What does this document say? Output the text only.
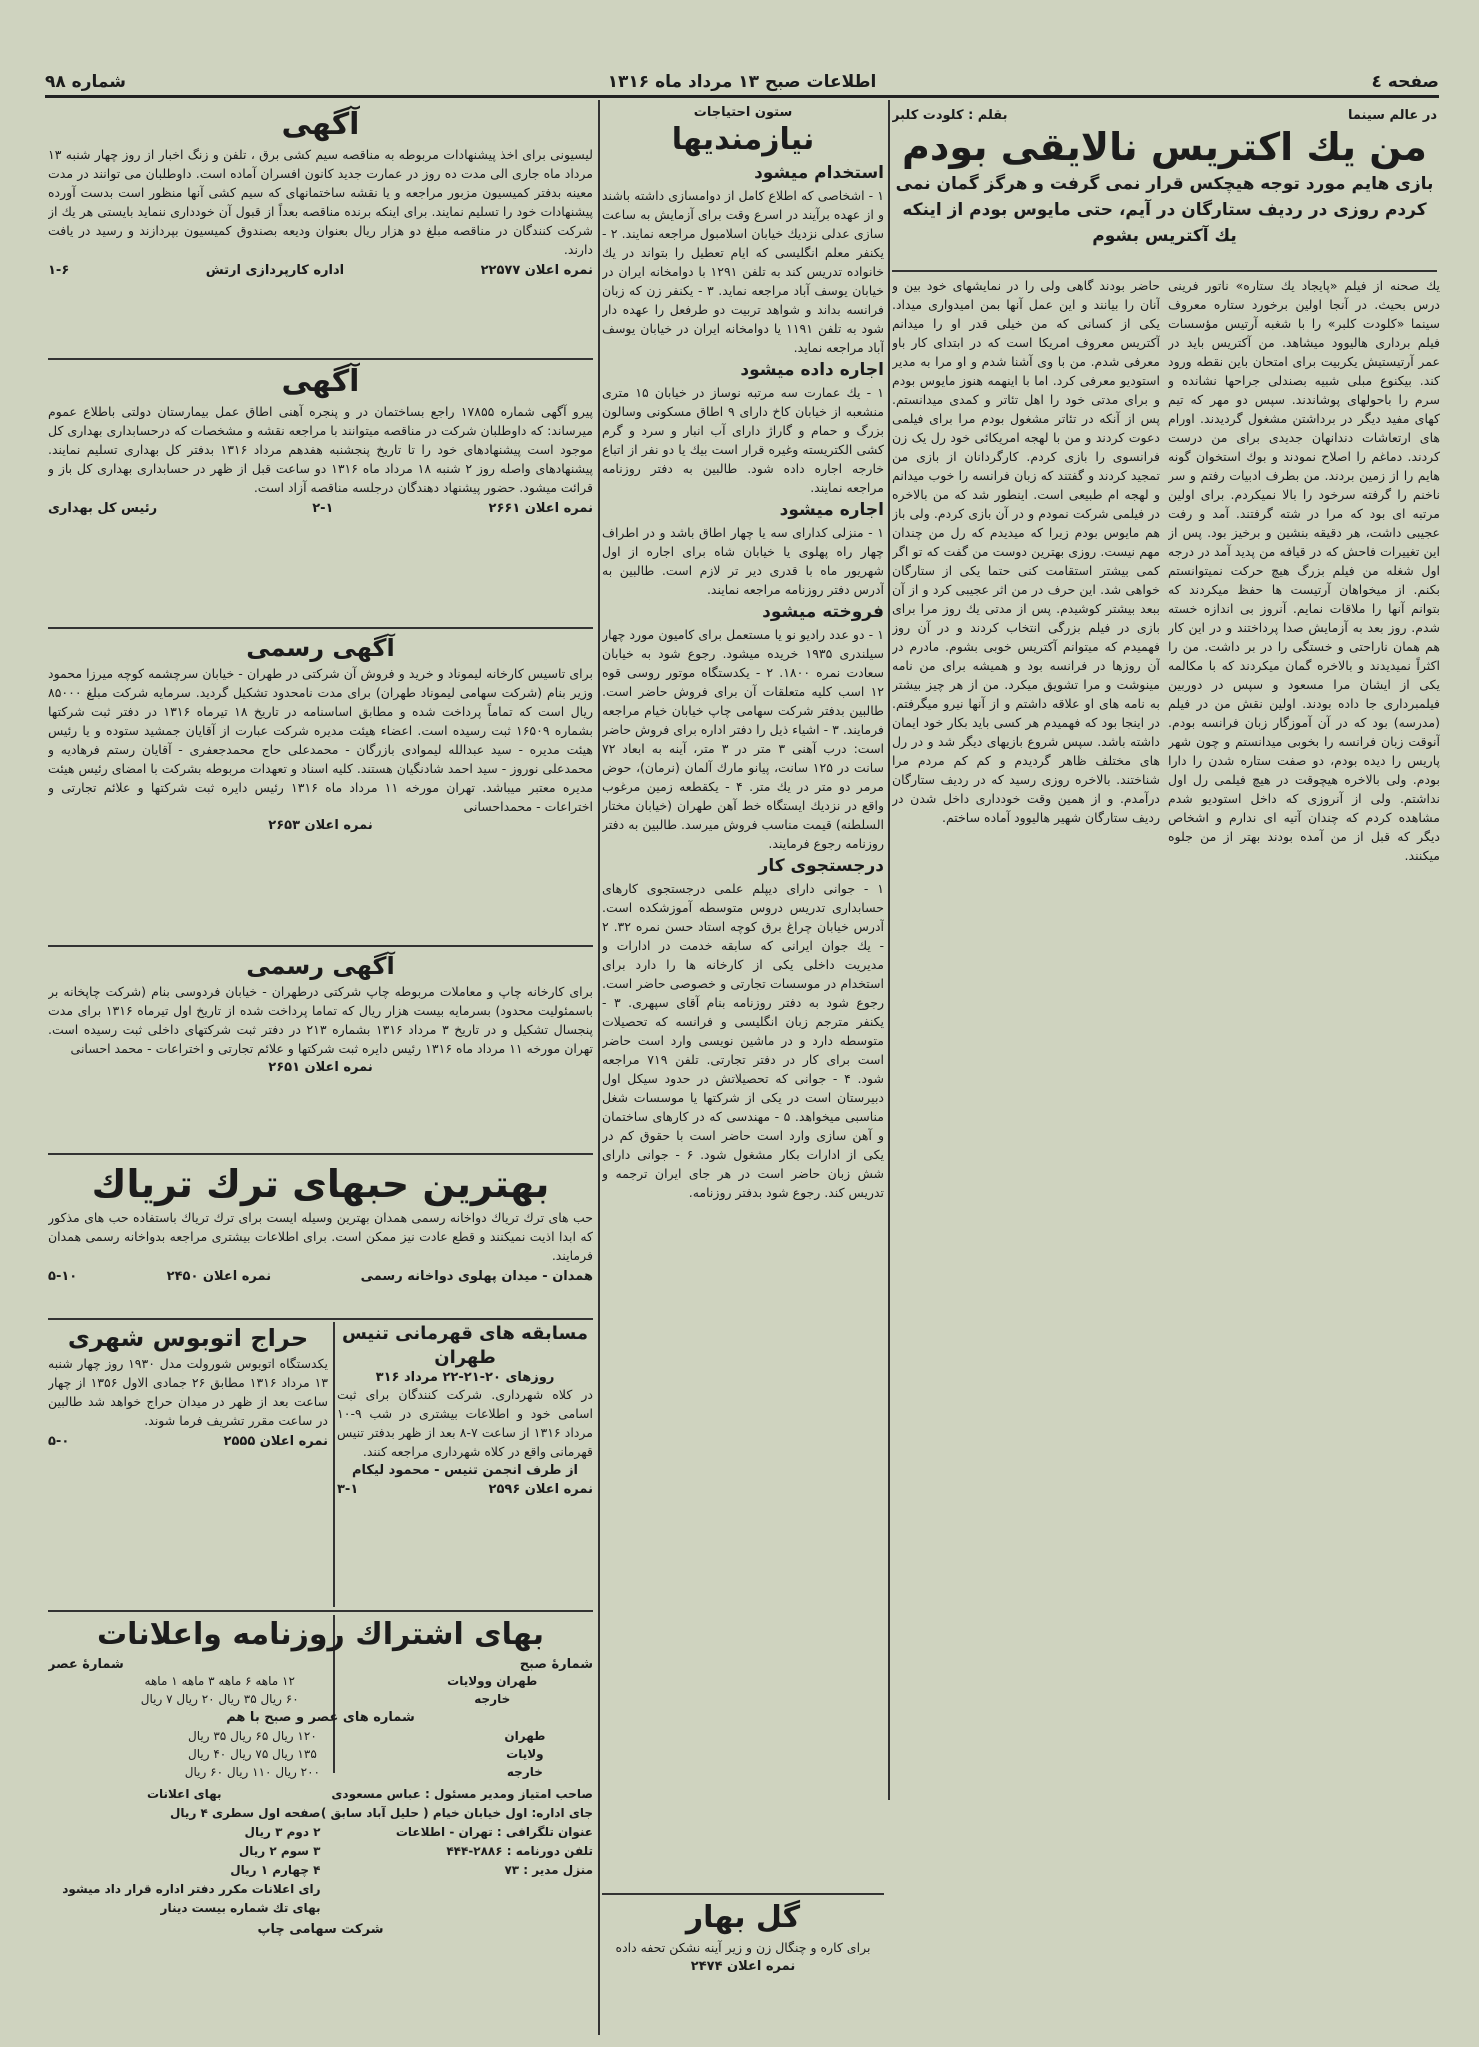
صفحه ٤
اطلاعات صبح ۱۳ مرداد ماه ۱۳۱۶
شماره ۹۸
در عالم سینما
بقلم : کلودت کلبر

من یك اکتریس نالایقی بودم

بازی هایم مورد توجه هیچکس قرار نمی گرفت و هرگز گمان نمی کردم روزی در ردیف ستارگان در آیم، حتی مایوس بودم از اینکه یك آکتریس بشوم

یك صحنه از فیلم «پایجاد یك ستاره» ناتور فرینی درس بحیث. در آنجا اولین برخورد ستاره معروف سینما «كلودت كلبر» را با شغبه آرتیس مؤسسات فیلم برداری هالیوود میشاهد. من آکتریس باید در عمر آرتیستیش یکربیت برای امتحان باین نقطه ورود کند. بیکنوع مبلی شبیه بصندلی جراحها نشانده و سرم را باحولهای پوشاندند. سپس دو مهر که تیم کهای مفید دیگر در برداشتن مشغول گردیدند. اورام های ارتعاشات دندانهان جدیدی برای من درست کردند. دماغم را اصلاح نمودند و بوك استخوان گونه هایم را از زمین بردند. من بطرف ادبیات رفتم و سر ناخنم را گرفته سرخود را بالا نمیکردم. برای اولین مرتبه ای بود که مرا در شته گرفتند. آمد و رفت عجیبی داشت، هر دقیقه بنشین و برخیز بود. پس از این تغییرات فاحش که در قیافه من پدید آمد در درجه اول شغله من فیلم بزرگ هیچ حرکت نمیتوانستم بکنم. از میخواهان آرتیست ها حفظ میکردند که بتوانم آنها را ملاقات نمایم. آنروز بی اندازه خسته شدم. روز بعد به آزمایش صدا پرداختند و در این کار هم همان ناراحتی و خستگی را در بر داشت. من را اکثراً نمیدیدند و بالاخره گمان میکردند که با مکالمه یکی از ایشان مرا مسعود و سپس در دوربین فیلمبرداری جا داده بودند. اولین نقش من در فیلم (مدرسه) بود که در آن آموزگار زبان فرانسه بودم. آنوقت زبان فرانسه را بخوبی میدانستم و چون شهر پاریس را دیده بودم، دو صفت ستاره شدن را دارا بودم. ولی بالاخره هیچوقت در هیچ فیلمی رل اول نداشتم. ولی از آنروزی که داخل استودیو شدم مشاهده کردم که چندان آتیه ای ندارم و اشخاص دیگر که قبل از من آمده بودند بهتر از من جلوه میکنند.

حاضر بودند گاهی ولی را در نمایشهای خود بین و آنان را بیانند و این عمل آنها بمن امیدواری میداد. یکی از کسانی که من خیلی قدر او را میدانم آکتریس معروف امریکا است که در ابتدای کار باو معرفی شدم. من با وی آشنا شدم و او مرا به مدیر استودیو معرفی کرد. اما با اینهمه هنوز مایوس بودم و برای مدتی خود را اهل تئاتر و کمدی میدانستم. پس از آنکه در تئاتر مشغول بودم مرا برای فیلمی دعوت کردند و من با لهجه امریکائی خود رل یک زن فرانسوی را بازی کردم. کارگردانان از بازی من تمجید کردند و گفتند که زبان فرانسه را خوب میدانم و لهجه ام طبیعی است. اینطور شد که من بالاخره در فیلمی شرکت نمودم و در آن بازی کردم. ولی باز هم مایوس بودم زیرا که میدیدم که رل من چندان مهم نیست. روزی بهترین دوست من گفت که تو اگر کمی بیشتر استقامت کنی حتما یکی از ستارگان خواهی شد. این حرف در من اثر عجیبی کرد و از آن ببعد بیشتر کوشیدم. پس از مدتی یك روز مرا برای بازی در فیلم بزرگی انتخاب کردند و در آن روز فهمیدم که میتوانم آکتریس خوبی بشوم. مادرم در آن روزها در فرانسه بود و همیشه برای من نامه مینوشت و مرا تشویق میکرد. من از هر چیز بیشتر به نامه های او علاقه داشتم و از آنها نیرو میگرفتم. در اینجا بود که فهمیدم هر کسی باید بکار خود ایمان داشته باشد. سپس شروع بازیهای دیگر شد و در رل های مختلف ظاهر گردیدم و کم کم مردم مرا شناختند. بالاخره روزی رسید که در ردیف ستارگان درآمدم. و از همین وقت خودداری داخل شدن در ردیف ستارگان شهیر هالیوود آماده ساختم.

ستون احتیاجات

نیازمندیها

استخدام میشود

۱ - اشخاصی که اطلاع کامل از دوامسازی داشته باشند و از عهده برآیند در اسرع وقت برای آزمایش به ساعت سازی عدلی نزدیك خیابان اسلامبول مراجعه نمایند. ۲ - یکنفر معلم انگلیسی که ایام تعطیل را بتواند در یك خانواده تدریس کند به تلفن ۱۲۹۱ با دوامخانه ایران در خیابان یوسف آباد مراجعه نماید. ۳ - یکنفر زن که زبان فرانسه بداند و شواهد تربیت دو طرفعل را عهده دار شود به تلفن ۱۱۹۱ یا دوامخانه ایران در خیابان یوسف آباد مراجعه نماید.

اجاره داده میشود

۱ - یك عمارت سه مرتبه نوساز در خیابان ۱۵ متری منشعبه از خیابان کاخ دارای ۹ اطاق مسکونی وسالون بزرگ و حمام و گاراژ دارای آب انبار و سرد و گرم کشی الکتریسته وغیره قرار است بیك یا دو نفر از اتباع خارجه اجاره داده شود. طالبین به دفتر روزنامه مراجعه نمایند.

اجاره میشود

۱ - منزلی کدارای سه یا چهار اطاق باشد و در اطراف چهار راه پهلوی یا خیابان شاه برای اجاره از اول شهریور ماه با قدری دیر تر لازم است. طالبین به آدرس دفتر روزنامه مراجعه نمایند.

فروخته میشود

۱ - دو عدد رادیو نو یا مستعمل برای کامیون مورد چهار سیلندری ۱۹۳۵ خریده میشود. رجوع شود به خیابان سعادت نمره ۱۸۰۰. ۲ - یکدستگاه موتور روسی قوه ۱۲ اسب کلیه متعلقات آن برای فروش حاضر است. طالبین بدفتر شرکت سهامی چاپ خیابان خیام مراجعه فرمایند. ۳ - اشیاء ذیل را دفتر اداره برای فروش حاضر است: درب آهنی ۳ متر در ۳ متر، آینه به ابعاد ۷۲ سانت در ۱۲۵ سانت، پیانو مارك آلمان (نرمان)، حوض مرمر دو متر در یك متر. ۴ - یکقطعه زمین مرغوب واقع در نزدیك ایستگاه خط آهن طهران (خیابان مختار السلطنه) قیمت مناسب فروش میرسد. طالبین به دفتر روزنامه رجوع فرمایند.

درجستجوی کار

۱ - جوانی دارای دیپلم علمی درجستجوی کارهای حسابداری تدریس دروس متوسطه آموزشکده است. آدرس خیابان چراغ برق کوچه استاد حسن نمره ۳۲. ۲ - یك جوان ایرانی که سابقه خدمت در ادارات و مدیریت داخلی یکی از کارخانه ها را دارد برای استخدام در موسسات تجارتی و خصوصی حاضر است. رجوع شود به دفتر روزنامه بنام آقای سپهری. ۳ - یکنفر مترجم زبان انگلیسی و فرانسه که تحصیلات متوسطه دارد و در ماشین نویسی وارد است حاضر است برای کار در دفتر تجارتی. تلفن ۷۱۹ مراجعه شود. ۴ - جوانی که تحصیلاتش در حدود سیکل اول دبیرستان است در یکی از شرکتها یا موسسات شغل مناسبی میخواهد. ۵ - مهندسی که در کارهای ساختمان و آهن سازی وارد است حاضر است با حقوق کم در یکی از ادارات بکار مشغول شود. ۶ - جوانی دارای شش زبان حاضر است در هر جای ایران ترجمه و تدریس کند. رجوع شود بدفتر روزنامه.

گل بهار

برای کاره و چنگال زن و زیر آینه نشکن تحفه داده

نمره اعلان ۲۴۷۴

آگهی

لیسیونی برای اخذ پیشنهادات مربوطه به مناقصه سیم کشی برق ، تلفن و زنگ اخبار از روز چهار شنبه ۱۳ مرداد ماه جاری الی مدت ده روز در عمارت جدید کانون افسران آماده است. داوطلبان می توانند در مدت معینه بدفتر کمیسیون مزبور مراجعه و یا نقشه ساختمانهای که سیم کشی آنها منظور است بدست آورده پیشنهادات خود را تسلیم نمایند. برای اینکه برنده مناقصه بعداً از قبول آن خودداری ننماید بایستی هر یك از شرکت کنندگان در مناقصه مبلغ دو هزار ریال بعنوان ودیعه بصندوق کمیسیون بپردازند و رسید در یافت دارند.

نمره اعلان ۲۲۵۷۷
اداره کارپردازی ارتش
۱-۶

آگهی

پیرو آگهی شماره ۱۷۸۵۵ راجع بساختمان در و پنجره آهنی اطاق عمل بیمارستان دولتی باطلاع عموم میرساند: که داوطلبان شرکت در مناقصه میتوانند با مراجعه نقشه و مشخصات که درحسابداری بهداری کل موجود است پیشنهادهای خود را تا تاریخ پنجشنبه هفدهم مرداد ۱۳۱۶ بدفتر کل بهداری تسلیم نمایند. پیشنهادهای واصله روز ۲ شنبه ۱۸ مرداد ماه ۱۳۱۶ دو ساعت قبل از ظهر در حسابداری بهداری کل باز و قرائت میشود. حضور پیشنهاد دهندگان درجلسه مناقصه آزاد است.

نمره اعلان ۲۶۶۱
۲-۱
رئیس کل بهداری

آگهی رسمی

برای تاسیس کارخانه لیموناد و خرید و فروش آن شرکتی در طهران - خیابان سرچشمه کوچه میرزا محمود وزیر بنام (شرکت سهامی لیموناد طهران) برای مدت نامحدود تشکیل گردید. سرمایه شرکت مبلغ ۸۵۰۰۰ ریال است که تماماً پرداخت شده و مطابق اساسنامه در تاریخ ۱۸ تیرماه ۱۳۱۶ در دفتر ثبت شرکتها بشماره ۱۶۵۰۹ ثبت رسیده است. اعضاء هیئت مدیره شرکت عبارت از آقایان جمشید ستوده و یا رئیس هیئت مدیره - سید عبدالله لیموادی بازرگان - محمدعلی حاج محمدجعفری - آقایان رستم فرهادیه و محمدعلی نوروز - سید احمد شادنگیان هستند. کلیه اسناد و تعهدات مربوطه بشرکت با امضای رئیس هیئت مدیره معتبر میباشد. تهران مورخه ۱۱ مرداد ماه ۱۳۱۶ رئیس دایره ثبت شرکتها و علائم تجارتی و اختراعات - محمداحسانی

نمره اعلان ۲۶۵۳

آگهی رسمی

برای کارخانه چاپ و معاملات مربوطه چاپ شرکتی درطهران - خیابان فردوسی بنام (شرکت چاپخانه بر باسمئولیت محدود) بسرمایه بیست هزار ریال که تماما پرداخت شده از تاریخ اول تیرماه ۱۳۱۶ برای مدت پنجسال تشکیل و در تاریخ ۳ مرداد ۱۳۱۶ بشماره ۲۱۳ در دفتر ثبت شرکتهای داخلی ثبت رسیده است. تهران مورخه ۱۱ مرداد ماه ۱۳۱۶ رئیس دایره ثبت شرکتها و علائم تجارتی و اختراعات - محمد احسانی

نمره اعلان ۲۶۵۱

بهترین حبهای ترك تریاك

حب های ترك تریاك دواخانه رسمی همدان بهترین وسیله ایست برای ترك تریاك باستفاده حب های مذکور که ابدا اذیت نمیکنند و قطع عادت نیز ممکن است. برای اطلاعات بیشتری مراجعه بدواخانه رسمی همدان فرمایند.

همدان - میدان پهلوی دواخانه رسمی
نمره اعلان ۲۴۵۰
۵-۱۰

مسابقه های قهرمانی تنیس طهران

روزهای ۲۰-۲۱-۲۲ مرداد ۳۱۶

در کلاه شهرداری. شرکت کنندگان برای ثبت اسامی خود و اطلاعات بیشتری در شب ۹-۱۰ مرداد ۱۳۱۶ از ساعت ۷-۸ بعد از ظهر بدفتر تنیس قهرمانی واقع در کلاه شهرداری مراجعه کنند.

از طرف انجمن تنیس - محمود لیکام

نمره اعلان ۲۵۹۶
۳-۱

حراج اتوبوس شهری

یکدستگاه اتوبوس شورولت مدل ۱۹۳۰ روز چهار شنبه ۱۳ مرداد ۱۳۱۶ مطابق ۲۶ جمادی الاول ۱۳۵۶ از چهار ساعت بعد از ظهر در میدان حراج خواهد شد طالبین در ساعت مقرر تشریف فرما شوند.

نمره اعلان ۲۵۵۵
۵-۰

بهای اشتراك روزنامه واعلانات

شمارهٔ صبح
شمارهٔ عصر
طهران وولایات	۱۲ ماهه ۶ ماهه ۳ ماهه ۱ ماهه
خارجه	۶۰ ریال ۳۵ ریال ۲۰ ریال ۷ ریال

شماره های عصر و صبح با هم

طهران	۱۲۰ ریال ۶۵ ریال ۳۵ ریال
ولایات	۱۳۵ ریال ۷۵ ریال ۴۰ ریال
خارجه	۲۰۰ ریال ۱۱۰ ریال ۶۰ ریال
صاحب امتیاز ومدیر مسئول : عباس مسعودی
جای اداره: اول خیابان خیام ( حلیل آباد سابق )
عنوان تلگرافی : تهران - اطلاعات
تلفن دورنامه : ۲۸۸۶-۴۴۴
منزل مدیر : ۷۳
بهای اعلانات
صفحه اول سطری ۴ ریال
۲ دوم ۳ ریال
۳ سوم ۲ ریال
۴ چهارم ۱ ریال
رای اعلانات مکرر دفتر اداره قرار داد میشود
بهای تك شماره بیست دینار

شرکت سهامی چاپ
